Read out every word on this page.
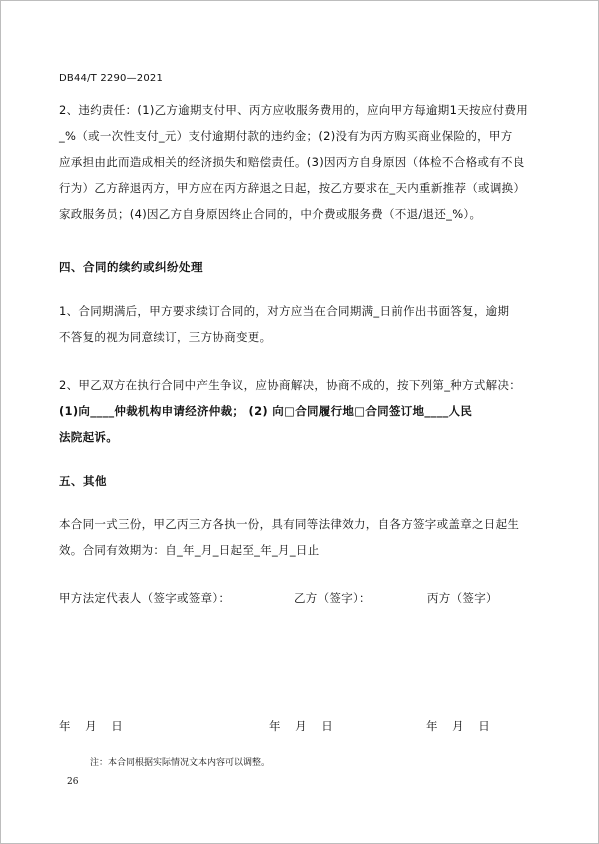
DB44/T 2290—2021
2、违约责任：(1)乙方逾期支付甲、丙方应收服务费用的，应向甲方每逾期1天按应付费用
_%（或一次性支付_元）支付逾期付款的违约金；(2)没有为丙方购买商业保险的，甲方
应承担由此而造成相关的经济损失和赔偿责任。(3)因丙方自身原因（体检不合格或有不良
行为）乙方辞退丙方，甲方应在丙方辞退之日起，按乙方要求在_天内重新推荐（或调换）
家政服务员；(4)因乙方自身原因终止合同的，中介费或服务费（不退/退还_%）。
四、合同的续约或纠纷处理
1、合同期满后，甲方要求续订合同的，对方应当在合同期满_日前作出书面答复，逾期
不答复的视为同意续订，三方协商变更。
2、甲乙双方在执行合同中产生争议，应协商解决，协商不成的，按下列第_种方式解决：
(1)向____仲裁机构申请经济仲裁； (2) 向□合同履行地□合同签订地____人民
法院起诉。
五、其他
本合同一式三份，甲乙丙三方各执一份，具有同等法律效力，自各方签字或盖章之日起生
效。合同有效期为：自_年_月_日起至_年_月_日止
甲方法定代表人（签字或签章）：	乙方（签字）：	丙方（签字）
年    月    日	年    月    日	年    月    日
注：本合同根据实际情况文本内容可以调整。
26
